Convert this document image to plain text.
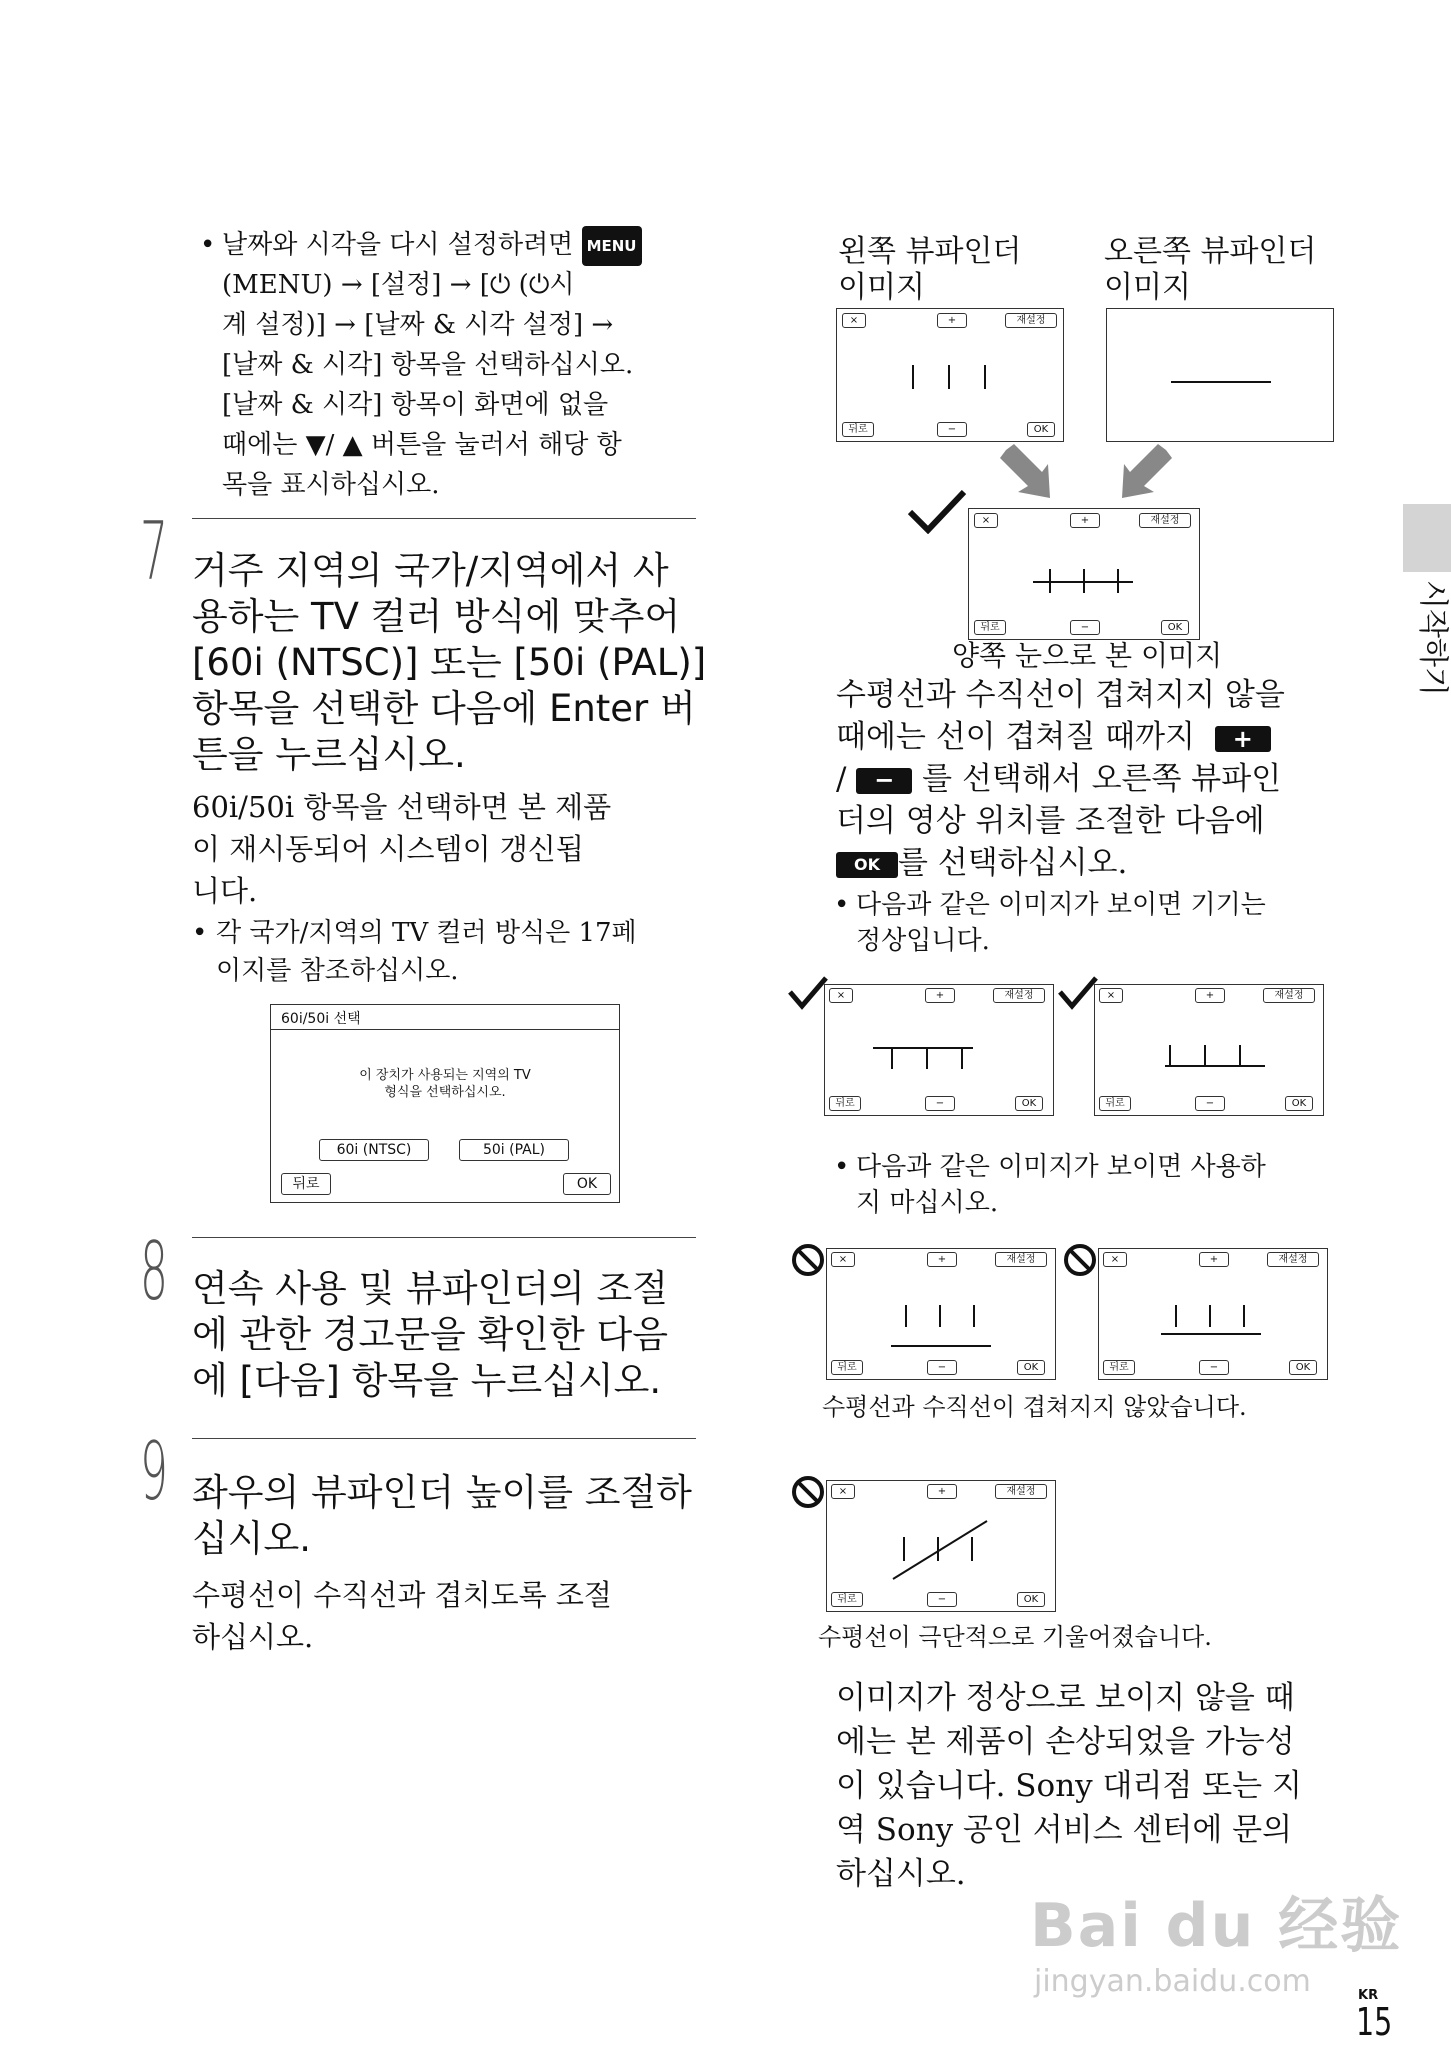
• 날짜와 시각을 다시 설정하려면 MENU
(MENU) → [설정] → [⏻ (⏻시
계 설정)] → [날짜 & 시각 설정] →
[날짜 & 시각] 항목을 선택하십시오.
[날짜 & 시각] 항목이 화면에 없을
때에는 ▼/ ▲ 버튼을 눌러서 해당 항
목을 표시하십시오.
7 거주 지역의 국가/지역에서 사
용하는 TV 컬러 방식에 맞추어
[60i (NTSC)] 또는 [50i (PAL)]
항목을 선택한 다음에 Enter 버
튼을 누르십시오.
60i/50i 항목을 선택하면 본 제품
이 재시동되어 시스템이 갱신됩
니다.
• 각 국가/지역의 TV 컬러 방식은 17페
이지를 참조하십시오.
60i/50i 선택
이 장치가 사용되는 지역의 TV
형식을 선택하십시오.
60i (NTSC)	50i (PAL)
뒤로	OK
8 연속 사용 및 뷰파인더의 조절
에 관한 경고문을 확인한 다음
에 [다음] 항목을 누르십시오.
9 좌우의 뷰파인더 높이를 조절하
십시오.
수평선이 수직선과 겹치도록 조절
하십시오.
왼쪽 뷰파인더
이미지
오른쪽 뷰파인더
이미지
×	+	재설정
뒤로	−	OK
×	+	재설정
뒤로	−	OK
양쪽 눈으로 본 이미지
수평선과 수직선이 겹쳐지지 않을
때에는 선이 겹쳐질 때까지 +
/ − 를 선택해서 오른쪽 뷰파인
더의 영상 위치를 조절한 다음에
OK 를 선택하십시오.
• 다음과 같은 이미지가 보이면 기기는
정상입니다.
×	+	재설정
뒤로	−	OK
×	+	재설정
뒤로	−	OK
• 다음과 같은 이미지가 보이면 사용하
지 마십시오.
×	+	재설정
뒤로	−	OK
×	+	재설정
뒤로	−	OK
수평선과 수직선이 겹쳐지지 않았습니다.
×	+	재설정
뒤로	−	OK
수평선이 극단적으로 기울어졌습니다.
이미지가 정상으로 보이지 않을 때
에는 본 제품이 손상되었을 가능성
이 있습니다. Sony 대리점 또는 지
역 Sony 공인 서비스 센터에 문의
하십시오.
시작하기
Bai du 经验
jingyan.baidu.com	KR
15
